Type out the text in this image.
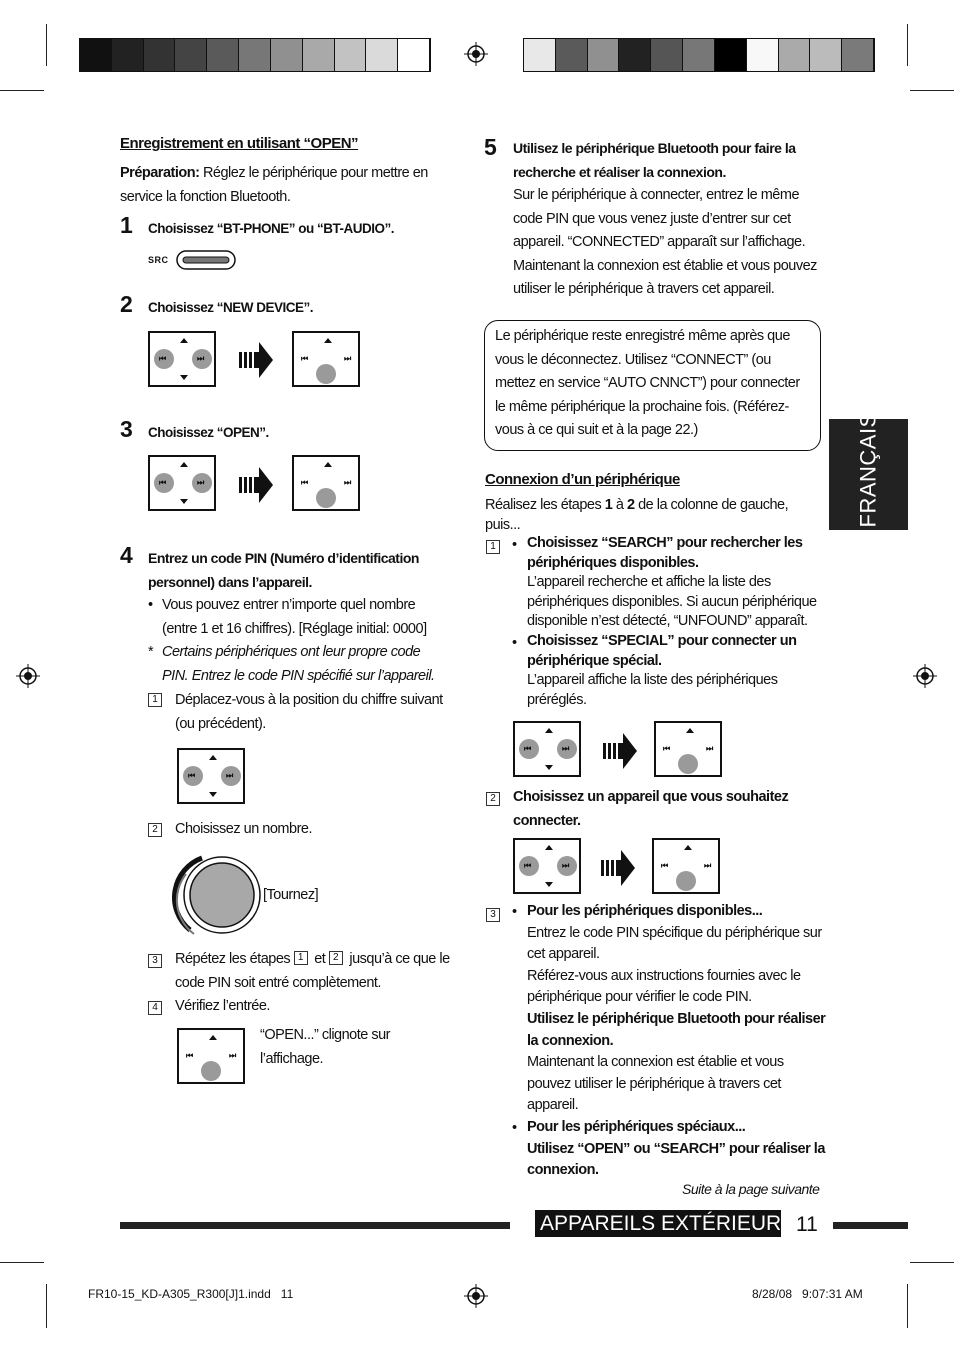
Enregistrement en utilisant “OPEN”
Préparation: Réglez le périphérique pour mettre en service la fonction Bluetooth.
1 Choisissez “BT-PHONE” ou “BT-AUDIO”.
SRC
2 Choisissez “NEW DEVICE”.
3 Choisissez “OPEN”.
4 Entrez un code PIN (Numéro d’identification personnel) dans l’appareil.
• Vous pouvez entrer n’importe quel nombre (entre 1 et 16 chiffres). [Réglage initial: 0000]
* Certains périphériques ont leur propre code PIN. Entrez le code PIN spécifié sur l’appareil.
1	Déplacez-vous à la position du chiffre suivant (ou précédent).
2	Choisissez un nombre.
[Tournez]
3	Répétez les étapes 1 et 2 jusqu’à ce que le code PIN soit entré complètement.
4	Vérifiez l’entrée.
“OPEN...” clignote sur l’affichage.
5 Utilisez le périphérique Bluetooth pour faire la recherche et réaliser la connexion.
Sur le périphérique à connecter, entrez le même code PIN que vous venez juste d’entrer sur cet appareil. “CONNECTED” apparaît sur l’affichage. Maintenant la connexion est établie et vous pouvez utiliser le périphérique à travers cet appareil.
Le périphérique reste enregistré même après que vous le déconnectez. Utilisez “CONNECT” (ou mettez en service “AUTO CNNCT”) pour connecter le même périphérique la prochaine fois. (Référez-vous à ce qui suit et à la page 22.)
Connexion d’un périphérique
Réalisez les étapes 1 à 2 de la colonne de gauche, puis...
1	• Choisissez “SEARCH” pour rechercher les périphériques disponibles.
L’appareil recherche et affiche la liste des périphériques disponibles. Si aucun périphérique disponible n’est détecté, “UNFOUND” apparaît.
• Choisissez “SPECIAL” pour connecter un périphérique spécial.
L’appareil affiche la liste des périphériques préréglés.
2	Choisissez un appareil que vous souhaitez connecter.
3	• Pour les périphériques disponibles...
Entrez le code PIN spécifique du périphérique sur cet appareil.
Référez-vous aux instructions fournies avec le périphérique pour vérifier le code PIN.
Utilisez le périphérique Bluetooth pour réaliser la connexion.
Maintenant la connexion est établie et vous pouvez utiliser le périphérique à travers cet appareil.
• Pour les périphériques spéciaux...
Utilisez “OPEN” ou “SEARCH” pour réaliser la connexion.
Suite à la page suivante
FRANÇAIS
APPAREILS EXTÉRIEURS 11
FR10-15_KD-A305_R300[J]1.indd   11	8/28/08   9:07:31 AM
⏮	⏭	⏮	⏭
⏮	⏭	⏮	⏭
⏮	⏭
⏮	⏭
⏮	⏭	⏮	⏭
⏮	⏭	⏮	⏭
